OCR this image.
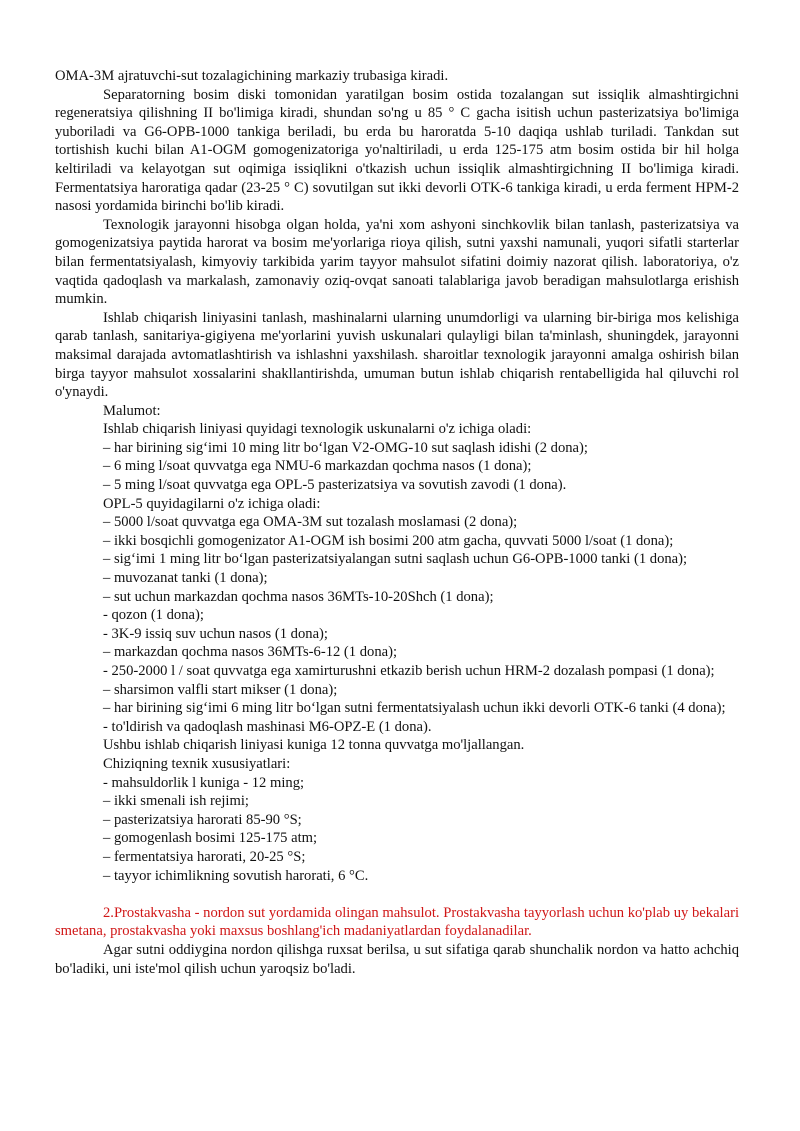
OMA-3M ajratuvchi-sut tozalagichining markaziy trubasiga kiradi.

Separatorning bosim diski tomonidan yaratilgan bosim ostida tozalangan sut issiqlik almashtirgichni regeneratsiya qilishning II bo'limiga kiradi, shundan so'ng u 85 ° C gacha isitish uchun pasterizatsiya bo'limiga yuboriladi va G6-OPB-1000 tankiga beriladi, bu erda bu haroratda 5-10 daqiqa ushlab turiladi. Tankdan sut tortishish kuchi bilan A1-OGM gomogenizatoriga yo'naltiriladi, u erda 125-175 atm bosim ostida bir hil holga keltiriladi va kelayotgan sut oqimiga issiqlikni o'tkazish uchun issiqlik almashtirgichning II bo'limiga kiradi. Fermentatsiya haroratiga qadar (23-25 ° C) sovutilgan sut ikki devorli OTK-6 tankiga kiradi, u erda ferment HPM-2 nasosi yordamida birinchi bo'lib kiradi.

Texnologik jarayonni hisobga olgan holda, ya'ni xom ashyoni sinchkovlik bilan tanlash, pasterizatsiya va gomogenizatsiya paytida harorat va bosim me'yorlariga rioya qilish, sutni yaxshi namunali, yuqori sifatli starterlar bilan fermentatsiyalash, kimyoviy tarkibida yarim tayyor mahsulot sifatini doimiy nazorat qilish. laboratoriya, o'z vaqtida qadoqlash va markalash, zamonaviy oziq-ovqat sanoati talablariga javob beradigan mahsulotlarga erishish mumkin.

Ishlab chiqarish liniyasini tanlash, mashinalarni ularning unumdorligi va ularning bir-biriga mos kelishiga qarab tanlash, sanitariya-gigiyena me'yorlarini yuvish uskunalari qulayligi bilan ta'minlash, shuningdek, jarayonni maksimal darajada avtomatlashtirish va ishlashni yaxshilash. sharoitlar texnologik jarayonni amalga oshirish bilan birga tayyor mahsulot xossalarini shakllantirishda, umuman butun ishlab chiqarish rentabelligida hal qiluvchi rol o'ynaydi.

Malumot:

Ishlab chiqarish liniyasi quyidagi texnologik uskunalarni o'z ichiga oladi:

– har birining sig‘imi 10 ming litr bo‘lgan V2-OMG-10 sut saqlash idishi (2 dona);

– 6 ming l/soat quvvatga ega NMU-6 markazdan qochma nasos (1 dona);

– 5 ming l/soat quvvatga ega OPL-5 pasterizatsiya va sovutish zavodi (1 dona).

OPL-5 quyidagilarni o'z ichiga oladi:

– 5000 l/soat quvvatga ega OMA-3M sut tozalash moslamasi (2 dona);

– ikki bosqichli gomogenizator A1-OGM ish bosimi 200 atm gacha, quvvati 5000 l/soat (1 dona);

– sig‘imi 1 ming litr bo‘lgan pasterizatsiyalangan sutni saqlash uchun G6-OPB-1000 tanki (1 dona);

– muvozanat tanki (1 dona);

– sut uchun markazdan qochma nasos 36MTs-10-20Shch (1 dona);

- qozon (1 dona);

- 3K-9 issiq suv uchun nasos (1 dona);

– markazdan qochma nasos 36MTs-6-12 (1 dona);

- 250-2000 l / soat quvvatga ega xamirturushni etkazib berish uchun HRM-2 dozalash pompasi (1 dona);

– sharsimon valfli start mikser (1 dona);

– har birining sig‘imi 6 ming litr bo‘lgan sutni fermentatsiyalash uchun ikki devorli OTK-6 tanki (4 dona);

- to'ldirish va qadoqlash mashinasi M6-OPZ-E (1 dona).

Ushbu ishlab chiqarish liniyasi kuniga 12 tonna quvvatga mo'ljallangan.

Chiziqning texnik xususiyatlari:

- mahsuldorlik l kuniga - 12 ming;

– ikki smenali ish rejimi;

– pasterizatsiya harorati 85-90 °S;

– gomogenlash bosimi 125-175 atm;

– fermentatsiya harorati, 20-25 °S;

– tayyor ichimlikning sovutish harorati, 6 °C.

2.Prostakvasha - nordon sut yordamida olingan mahsulot. Prostakvasha tayyorlash uchun ko'plab uy bekalari smetana, prostakvasha yoki maxsus boshlang'ich madaniyatlardan foydalanadilar.

Agar sutni oddiygina nordon qilishga ruxsat berilsa, u sut sifatiga qarab shunchalik nordon va hatto achchiq bo'ladiki, uni iste'mol qilish uchun yaroqsiz bo'ladi.
